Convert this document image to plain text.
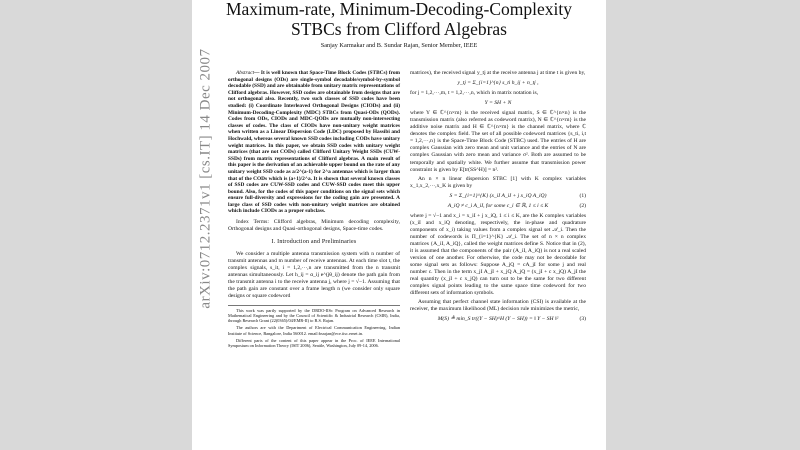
Maximum-rate, Minimum-Decoding-Complexity
STBCs from Clifford Algebras
Sanjay Karmakar and B. Sundar Rajan, Senior Member, IEEE

Abstract— It is well known that Space-Time Block Codes (STBCs) from orthogonal designs (ODs) are single-symbol decodable/symbol-by-symbol decodable (SSD) and are obtainable from unitary matrix representations of Clifford algebras. However, SSD codes are obtainable from designs that are not orthogonal also. Recently, two such classes of SSD codes have been studied: (i) Coordinate Interleaved Orthogonal Designs (CIODs) and (ii) Minimum-Decoding-Complexity (MDC) STBCs from Quasi-ODs (QODs). Codes from ODs, CIODs and MDC-QODs are mutually non-intersecting classes of codes. The class of CIODs have non-unitary weight matrices when written as a Linear Dispersion Code (LDC) proposed by Hassibi and Hochwald, whereas several known SSD codes including CODs have unitary weight matrices. In this paper, we obtain SSD codes with unitary weight matrices (that are not CODs) called Clifford Unitary Weight SSDs (CUW-SSDs) from matrix representations of Clifford algebras. A main result of this paper is the derivation of an achievable upper bound on the rate of any unitary weight SSD code as a/2^(a-1) for 2^a antennas which is larger than that of the CODs which is (a+1)/2^a. It is shown that several known classes of SSD codes are CUW-SSD codes and CUW-SSD codes meet this upper bound. Also, for the codes of this paper conditions on the signal sets which ensure full-diversity and expressions for the coding gain are presented. A large class of SSD codes with non-unitary weight matrices are obtained which include CIODs as a proper subclass.

Index Terms: Clifford algebras, Minimum decoding complexity, Orthogonal designs and Quasi-orthogonal designs, Space-time codes.

I. Introduction and Preliminaries

We consider a multiple antenna transmission system with n number of transmit antennas and m number of receive antennas. At each time slot t, the complex signals, s_it, i = 1,2,···,n are transmitted from the n transmit antennas simultaneously. Let h_ij = α_ij e^(jθ_ij) denote the path gain from the transmit antenna i to the receive antenna j, where j = √−1. Assuming that the path gain are constant over a frame length n (we consider only square designs or square codeword

This work was partly supported by the DRDO-IISc Program on Advanced Research in Mathematical Engineering and by the Council of Scientific & Industrial Research (CSIR), India, through Research Grant (22(0365)/04/EMR-II) to B.S. Rajan.

The authors are with the Department of Electrical Communication Engineering, Indian Institute of Science, Bangalore, India 560012. email:bsrajan@ece.iisc.ernet.in.

Different parts of the content of this paper appear in the Proc. of IEEE International Symposium on Information Theory (ISIT 2006), Seattle, Washington, July 09-14, 2006.

matrices), the received signal y_tj at the receive antenna j at time t is given by,

y_tj = Σ_{i=1}^{n} s_ti h_ij + n_tj ,

for j = 1,2,···,m, t = 1,2,···,n, which in matrix notation is,

Y = SH + N

where Y ∈ ℂ^{n×m} is the received signal matrix, S ∈ ℂ^{n×n} is the transmission matrix (also referred as codeword matrix), N ∈ ℂ^{n×m} is the additive noise matrix and H ∈ ℂ^{n×m} is the channel matrix, where ℂ denotes the complex field. The set of all possible codeword matrices {s_ti, i,t = 1,2,···,n} is the Space-Time Block Code (STBC) used. The entries of H are complex Gaussian with zero mean and unit variance and the entries of N are complex Gaussian with zero mean and variance σ². Both are assumed to be temporally and spatially white. We further assume that transmission power constraint is given by E[tr(SS^H)] = n².

An n × n linear dispersion STBC [1] with K complex variables x_1,x_2,···,x_K is given by

S = Σ_{i=1}^{K} (x_iI A_iI + j x_iQ A_iQ)	(1)
A_iQ ≠ c_i A_iI, for some c_i ∈ ℝ, 1 ≤ i ≤ K	(2)

where j = √−1 and x_i = x_iI + j x_iQ, 1 ≤ i ≤ K, are the K complex variables (x_iI and x_iQ denoting, respectively, the in-phase and quadrature components of x_i) taking values from a complex signal set 𝒜_i. Then the number of codewords is Π_{i=1}^{K} 𝒜_i. The set of n × n complex matrices {A_iI, A_iQ}, called the weight matrices define S. Notice that in (2), it is assumed that the components of the pair (A_iI, A_iQ) is not a real scaled version of one another. For otherwise, the code may not be decodable for some signal sets as follows: Suppose A_jQ = cA_jI for some j and real number c. Then in the term x_jI A_jI + x_jQ A_jQ = (x_jI + c x_jQ) A_jI the real quantity (x_jI + c x_jQ) can turn out to be the same for two different complex signal points leading to the same space time codeword for two different sets of information symbols.

Assuming that perfect channel state information (CSI) is available at the receiver, the maximum likelihood (ML) decision rule minimizes the metric,

M(S) ≜ min_S tr((Y − SH)^H (Y − SH)) = ‖ Y − SH ‖²	(3)
arXiv:0712.2371v1 [cs.IT] 14 Dec 2007
